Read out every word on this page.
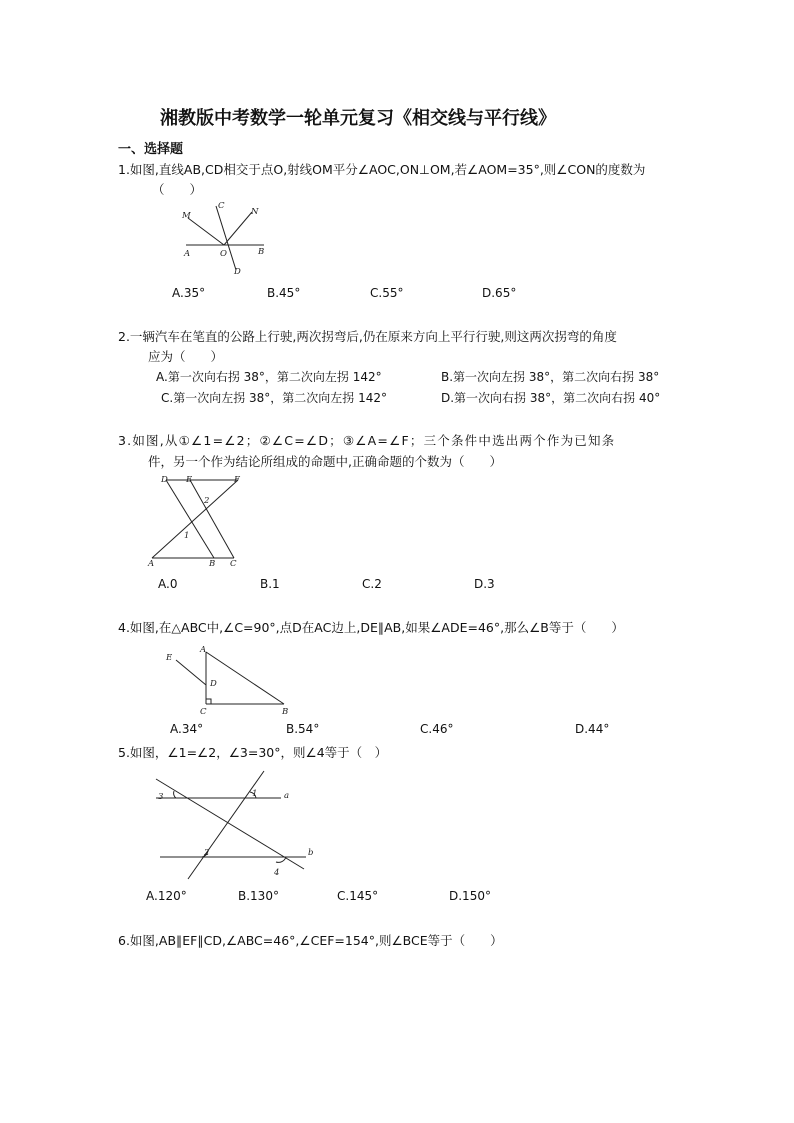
湘教版中考数学一轮单元复习《相交线与平行线》
一、选择题
1.如图,直线AB,CD相交于点O,射线OM平分∠AOC,ON⊥OM,若∠AOM=35°,则∠CON的度数为
（　　）
M
C
N
A	O	B
D
A.35°	B.45°	C.55°	D.65°
2.一辆汽车在笔直的公路上行驶,两次拐弯后,仍在原来方向上平行行驶,则这两次拐弯的角度
应为（　　）
A.第一次向右拐 38°，第二次向左拐 142°	B.第一次向左拐 38°，第二次向右拐 38°
C.第一次向左拐 38°，第二次向左拐 142°	D.第一次向右拐 38°，第二次向右拐 40°
3.如图,从①∠1=∠2；②∠C=∠D；③∠A=∠F；三个条件中选出两个作为已知条
件，另一个作为结论所组成的命题中,正确命题的个数为（　　）
D E	F
A	B C
1
2
A.0	B.1	C.2	D.3
4.如图,在△ABC中,∠C=90°,点D在AC边上,DE∥AB,如果∠ADE=46°,那么∠B等于（　　）
E
A
D
C	B
A.34°	B.54°	C.46°	D.44°
5.如图，∠1=∠2，∠3=30°，则∠4等于（　）
3	1	a
2	b
4
A.120°	B.130°	C.145°	D.150°
6.如图,AB∥EF∥CD,∠ABC=46°,∠CEF=154°,则∠BCE等于（　　）
